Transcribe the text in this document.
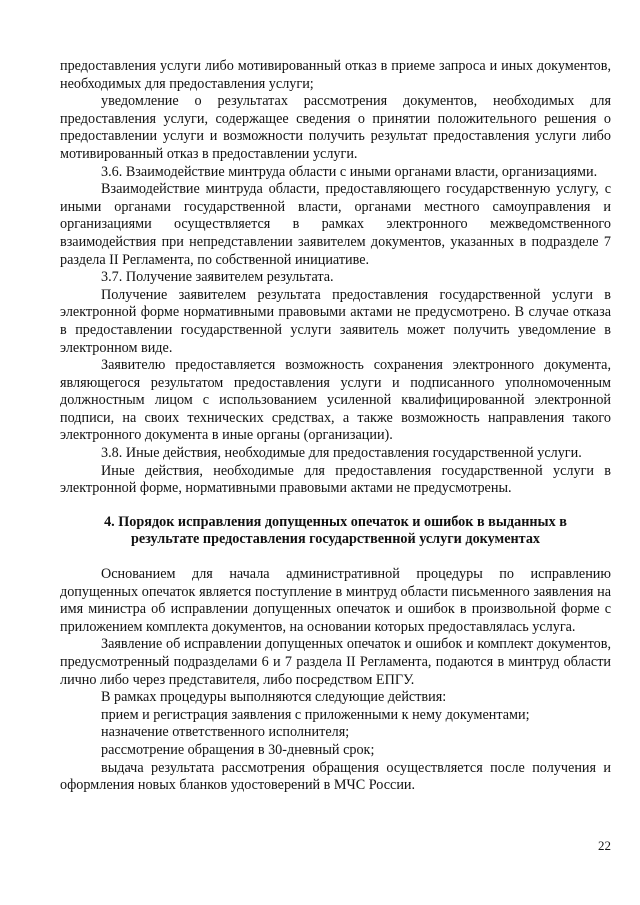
предоставления услуги либо мотивированный отказ в приеме запроса и иных документов, необходимых для предоставления услуги;

уведомление о результатах рассмотрения документов, необходимых для предоставления услуги, содержащее сведения о принятии положительного решения о предоставлении услуги и возможности получить результат предоставления услуги либо мотивированный отказ в предоставлении услуги.

3.6. Взаимодействие минтруда области с иными органами власти, организациями.

Взаимодействие минтруда области, предоставляющего государственную услугу, с иными органами государственной власти, органами местного самоуправления и организациями осуществляется в рамках электронного межведомственного взаимодействия при непредставлении заявителем документов, указанных в подразделе 7 раздела II Регламента, по собственной инициативе.

3.7. Получение заявителем результата.

Получение заявителем результата предоставления государственной услуги в электронной форме нормативными правовыми актами не предусмотрено. В случае отказа в предоставлении государственной услуги заявитель может получить уведомление в электронном виде.

Заявителю предоставляется возможность сохранения электронного документа, являющегося результатом предоставления услуги и подписанного уполномоченным должностным лицом с использованием усиленной квалифицированной электронной подписи, на своих технических средствах, а также возможность направления такого электронного документа в иные органы (организации).

3.8. Иные действия, необходимые для предоставления государственной услуги.

Иные действия, необходимые для предоставления государственной услуги в электронной форме, нормативными правовыми актами не предусмотрены.

4. Порядок исправления допущенных опечаток и ошибок в выданных в
результате предоставления государственной услуги документах

Основанием для начала административной процедуры по исправлению допущенных опечаток является поступление в минтруд области письменного заявления на имя министра об исправлении допущенных опечаток и ошибок в произвольной форме с приложением комплекта документов, на основании которых предоставлялась услуга.

Заявление об исправлении допущенных опечаток и ошибок и комплект документов, предусмотренный подразделами 6 и 7 раздела II Регламента, подаются в минтруд области лично либо через представителя, либо посредством ЕПГУ.

В рамках процедуры выполняются следующие действия:

прием и регистрация заявления с приложенными к нему документами;

назначение ответственного исполнителя;

рассмотрение обращения в 30-дневный срок;

выдача результата рассмотрения обращения осуществляется после получения и оформления новых бланков удостоверений в МЧС России.

22
